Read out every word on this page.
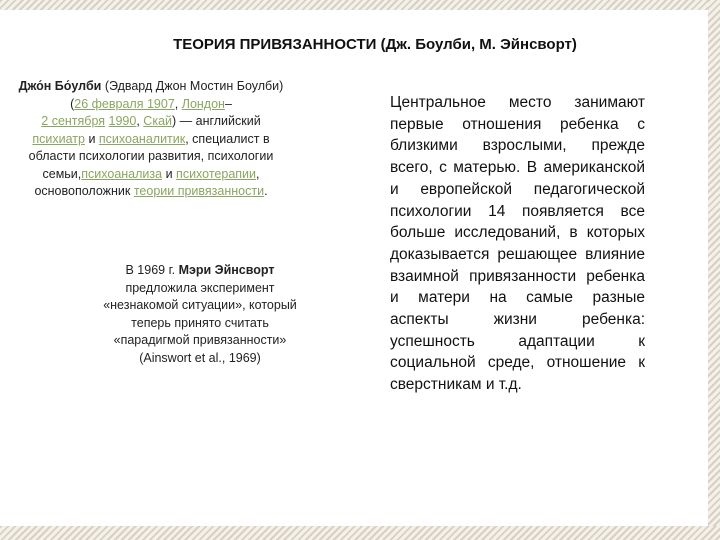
ТЕОРИЯ ПРИВЯЗАННОСТИ (Дж. Боулби, М. Эйнсворт)
Джо́н Бо́улби (Эдвард Джон Мостин Боулби) (26 февраля 1907, Лондон–
2 сентября 1990, Скай) — английский психиатр и психоаналитик, специалист в области психологии развития, психологии семьи,психоанализа и психотерапии, основоположник теории привязанности.
В 1969 г. Мэри Эйнсворт предложила эксперимент «незнакомой ситуации», который теперь принято считать «парадигмой привязанности» (Ainswort et al., 1969)
Центральное место занимают первые отношения ребенка с близкими взрослыми, прежде всего, с матерью. В американской и европейской педагогической психологии 14 появляется все больше исследований, в которых доказывается решающее влияние взаимной привязанности ребенка и матери на самые разные аспекты жизни ребенка: успешность адаптации к социальной среде, отношение к сверстникам и т.д.
